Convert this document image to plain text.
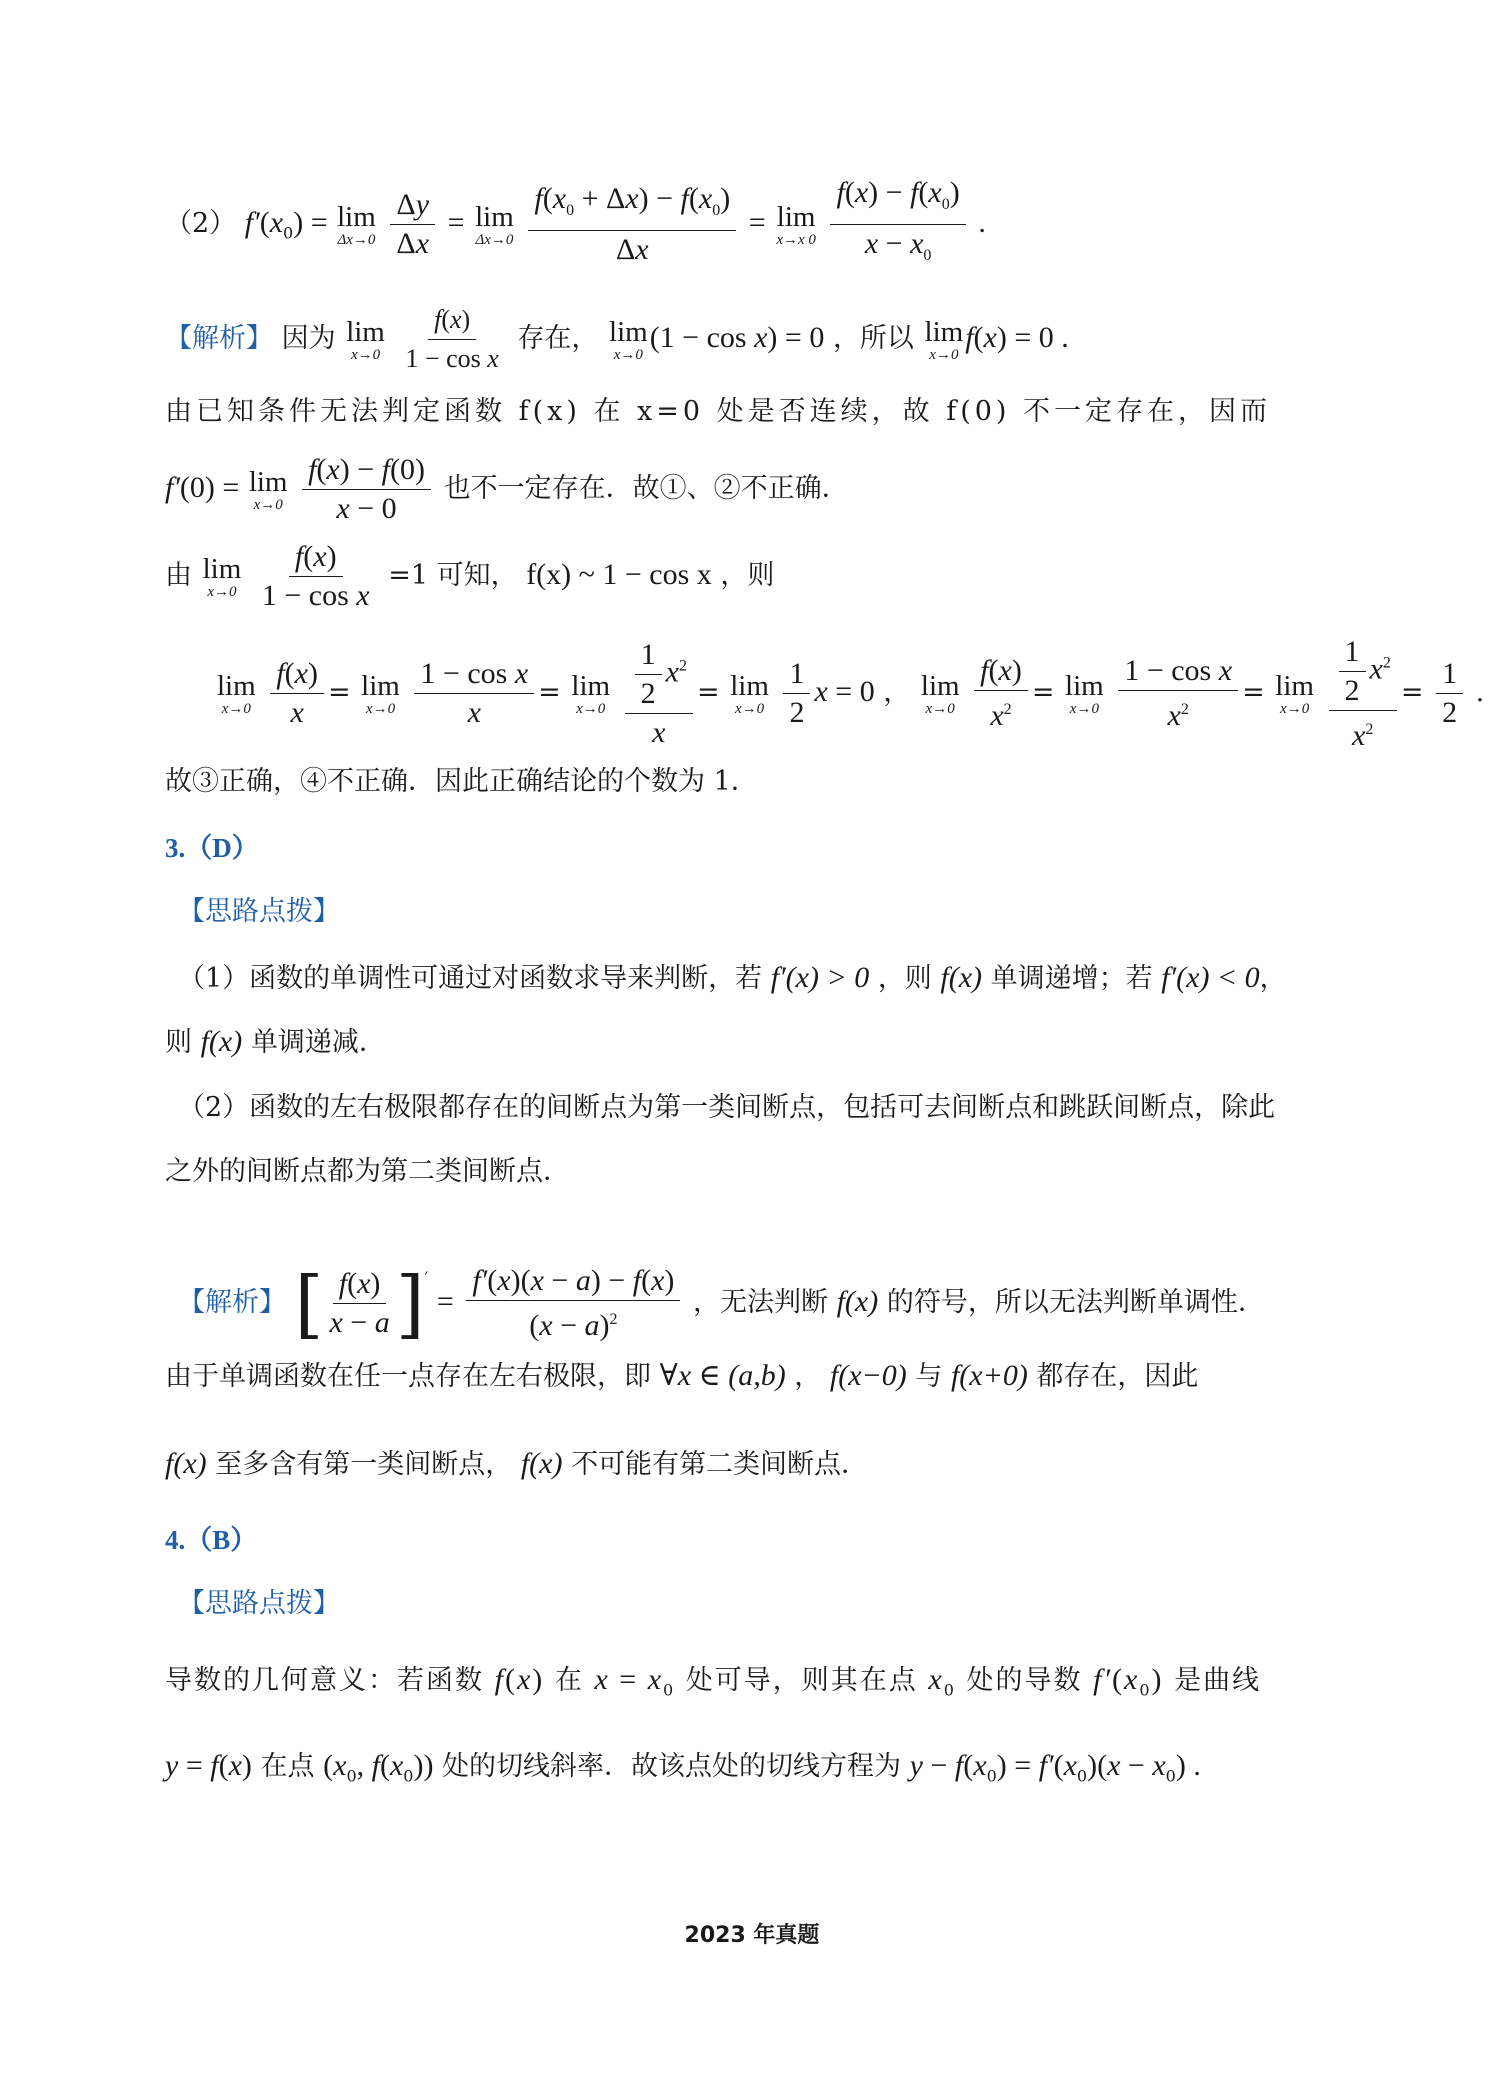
（2） $f'(x_0) = \lim$
Δx→0
$\frac{\Delta y}{\Delta x} = \lim$
Δx→0
$\frac{f(x_0 + \Delta x) - f(x_0)}{\Delta x} = \lim$
x→x 0
$\frac{f(x) - f(x_0)}{x - x_0}$ .
【解析】 因为 lim
x→0
$\frac{f(x)}{\text{1 − cos x}}$ 存在， lim
x→0
(1 − cos x) = 0 ，所以 lim
x→0
f(x) = 0 .
由已知条件无法判定函数 f(x) 在 x=0 处是否连续，故 f(0) 不一定存在，因而
f′(0) = lim
x→0
$\frac{f(x) - f(0)}{x - 0}$ 也不一定存在．故①、②不正确．
由 lim
x→0
$\frac{f(x)}{\text{1 − cos x}} =1$ 可知， f(x) ~ 1 − cos x ，则
lim
x→0
$\frac{f(x)}{x} = \lim$
x→0
$\frac{\text{1 − cos x}}{x} = \lim$
x→0
$\frac{\frac{1}{2} x^2}{x} = \lim$
x→0
$\frac{1}{2}$ x = 0 ， lim
x→0
$\frac{f(x)}{x^2} = \lim$
x→0
$\frac{\text{1 − cos x}}{x^2} = \lim$
x→0
$\frac{\frac{1}{2} x^2}{x^2} = \frac{1}{2}$ .
故③正确，④不正确．因此正确结论的个数为 1．
3.（D）
【思路点拨】
（1）函数的单调性可通过对函数求导来判断，若 f′(x) > 0 ，则 f(x) 单调递增；若 f′(x) < 0，
则 f(x) 单调递减．
（2）函数的左右极限都存在的间断点为第一类间断点，包括可去间断点和跳跃间断点，除此
之外的间断点都为第二类间断点．
【解析】 [ $\frac{f(x)}{x - a} ]' = \frac{f'(x)(x - a) - f(x)}{(x - a)^2}$ ，无法判断 f(x) 的符号，所以无法判断单调性．
由于单调函数在任一点存在左右极限，即 ∀x ∈ (a,b) ， f(x−0) 与 f(x+0) 都存在，因此
f(x) 至多含有第一类间断点， f(x) 不可能有第二类间断点．
4.（B）
【思路点拨】
导数的几何意义：若函数 f(x) 在 $x = x_0$ 处可导，则其在点 $x_0$ 处的导数 $f'(x_0)$ 是曲线
y = f(x) 在点 ($x_0$, $f(x_0)$) 处的切线斜率．故该点处的切线方程为 $y - f(x_0) = f'(x_0)(x - x_0)$ .
2023 年真题
